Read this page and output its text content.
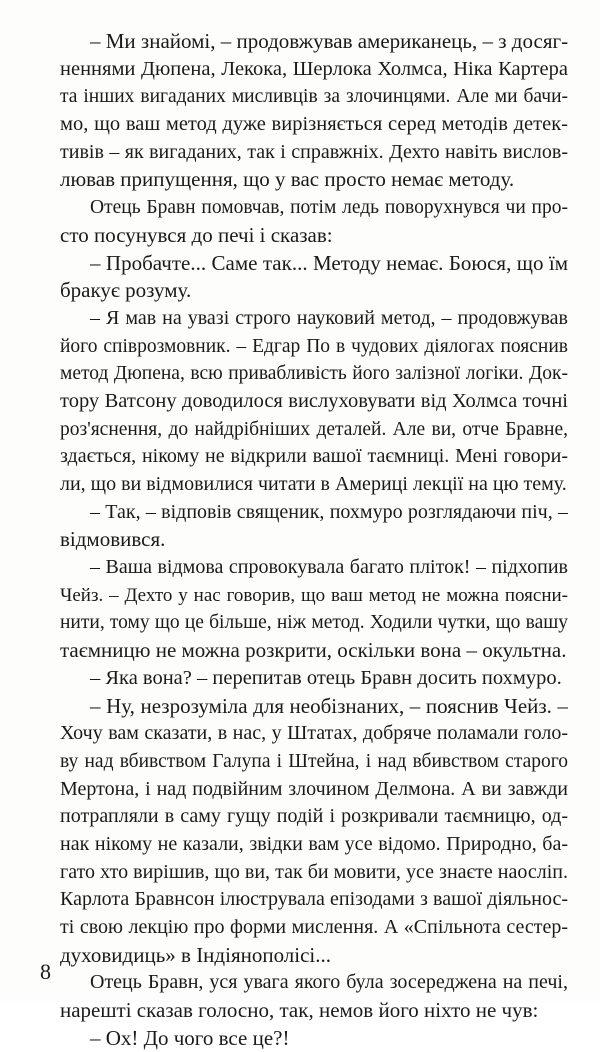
– Ми знайомі, – продовжував американець, – з досяг-
неннями Дюпена, Лекока, Шерлока Холмса, Ніка Картера
та інших вигаданих мисливців за злочинцями. Але ми бачи-
мо, що ваш метод дуже вирізняється серед методів детек-
тивів – як вигаданих, так і справжніх. Дехто навіть вислов-
лював припущення, що у вас просто немає методу.
Отець Бравн помовчав, потім ледь поворухнувся чи про-
сто посунувся до печі і сказав:
– Пробачте... Саме так... Методу немає. Боюся, що їм
бракує розуму.
– Я мав на увазі строго науковий метод, – продовжував
його співрозмовник. – Едгар По в чудових діялогах пояснив
метод Дюпена, всю привабливість його залізної логіки. Док-
тору Ватсону доводилося вислуховувати від Холмса точні
роз'яснення, до найдрібніших деталей. Але ви, отче Бравне,
здається, нікому не відкрили вашої таємниці. Мені говори-
ли, що ви відмовилися читати в Америці лекції на цю тему.
– Так, – відповів священик, похмуро розглядаючи піч, –
відмовився.
– Ваша відмова спровокувала багато пліток! – підхопив
Чейз. – Дехто у нас говорив, що ваш метод не можна поясни-
нити, тому що це більше, ніж метод. Ходили чутки, що вашу
таємницю не можна розкрити, оскільки вона – окультна.
– Яка вона? – перепитав отець Бравн досить похмуро.
– Ну, незрозуміла для необізнаних, – пояснив Чейз. –
Хочу вам сказати, в нас, у Штатах, добряче поламали голо-
ву над вбивством Галупа і Штейна, і над вбивством старого
Мертона, і над подвійним злочином Делмона. А ви завжди
потрапляли в саму гущу подій і розкривали таємницю, од-
нак нікому не казали, звідки вам усе відомо. Природно, ба-
гато хто вирішив, що ви, так би мовити, усе знаєте наосліп.
Карлота Бравнсон ілюструвала епізодами з вашої діяльнос-
ті свою лекцію про форми мислення. А «Спільнота сестер-
духовидиць» в Індіянополісі...
Отець Бравн, уся увага якого була зосереджена на печі,
нарешті сказав голосно, так, немов його ніхто не чув:
– Ох! До чого все це?!
8
